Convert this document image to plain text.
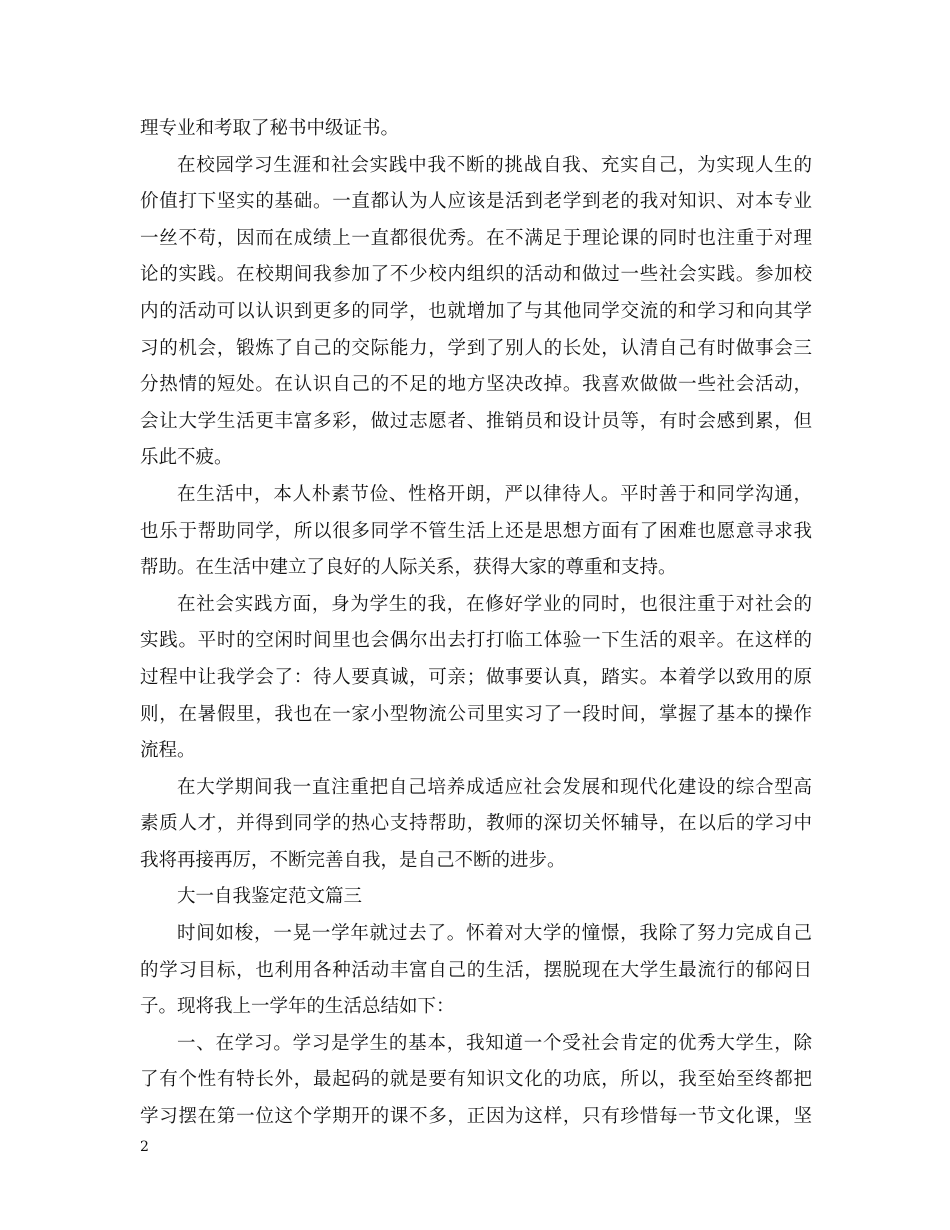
理专业和考取了秘书中级证书。
在校园学习生涯和社会实践中我不断的挑战自我、充实自己，为实现人生的
价值打下坚实的基础。一直都认为人应该是活到老学到老的我对知识、对本专业
一丝不苟，因而在成绩上一直都很优秀。在不满足于理论课的同时也注重于对理
论的实践。在校期间我参加了不少校内组织的活动和做过一些社会实践。参加校
内的活动可以认识到更多的同学，也就增加了与其他同学交流的和学习和向其学
习的机会，锻炼了自己的交际能力，学到了别人的长处，认清自己有时做事会三
分热情的短处。在认识自己的不足的地方坚决改掉。我喜欢做做一些社会活动，
会让大学生活更丰富多彩，做过志愿者、推销员和设计员等，有时会感到累，但
乐此不疲。
在生活中，本人朴素节俭、性格开朗，严以律待人。平时善于和同学沟通，
也乐于帮助同学，所以很多同学不管生活上还是思想方面有了困难也愿意寻求我
帮助。在生活中建立了良好的人际关系，获得大家的尊重和支持。
在社会实践方面，身为学生的我，在修好学业的同时，也很注重于对社会的
实践。平时的空闲时间里也会偶尔出去打打临工体验一下生活的艰辛。在这样的
过程中让我学会了：待人要真诚，可亲；做事要认真，踏实。本着学以致用的原
则，在暑假里，我也在一家小型物流公司里实习了一段时间，掌握了基本的操作
流程。
在大学期间我一直注重把自己培养成适应社会发展和现代化建设的综合型高
素质人才，并得到同学的热心支持帮助，教师的深切关怀辅导，在以后的学习中
我将再接再厉，不断完善自我，是自己不断的进步。
大一自我鉴定范文篇三
时间如梭，一晃一学年就过去了。怀着对大学的憧憬，我除了努力完成自己
的学习目标，也利用各种活动丰富自己的生活，摆脱现在大学生最流行的郁闷日
子。现将我上一学年的生活总结如下：
一、在学习。学习是学生的基本，我知道一个受社会肯定的优秀大学生，除
了有个性有特长外，最起码的就是要有知识文化的功底，所以，我至始至终都把
学习摆在第一位这个学期开的课不多，正因为这样，只有珍惜每一节文化课，坚
2
